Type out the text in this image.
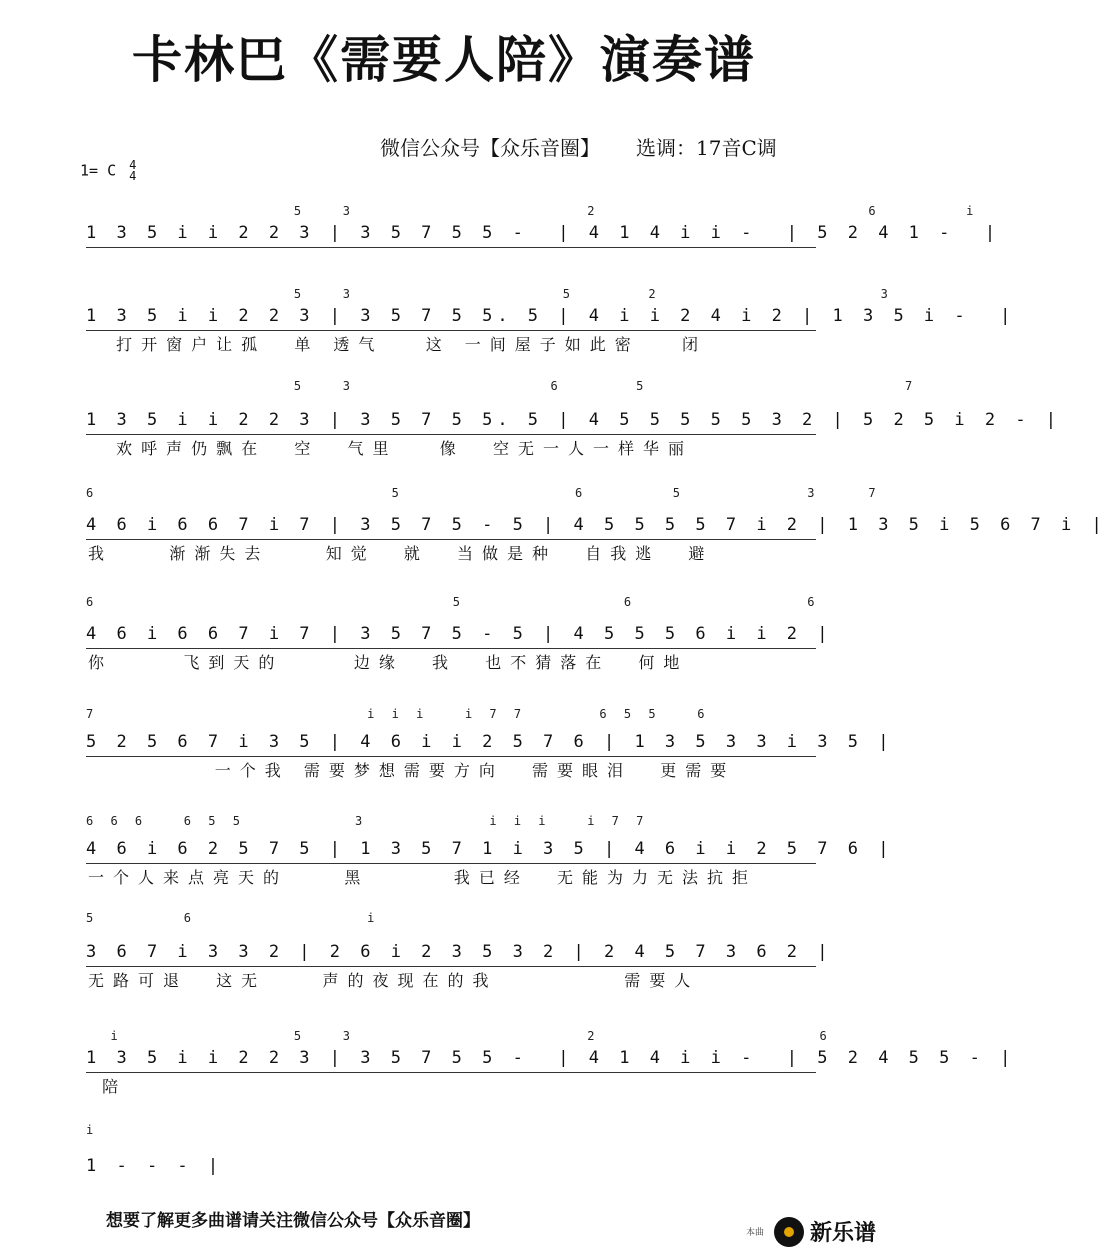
卡林巴《需要人陪》演奏谱
微信公众号【众乐音圈】 选调：17音C调
1= C 4
4
5   3                   2                      6       i
1 3 5 i i 2 2 3 | 3 5 7 5 5 -  | 4 1 4 i i -  | 5 2 4 1 -  |
5   3                 5      2                  3
1 3 5 i i 2 2 3 | 3 5 7 5 5. 5 | 4 i i 2 4 i 2 | 1 3 5 i -  |
打开窗户让孤  单 透气   这 一间屋子如此密   闭
5   3                6      5                     7
1 3 5 i i 2 2 3 | 3 5 7 5 5. 5 | 4 5 5 5 5 5 3 2 | 5 2 5 i 2 - |
欢呼声仍飘在  空  气里   像  空无一人一样华丽
6                        5              6       5          3    7
4 6 i 6 6 7 i 7 | 3 5 7 5 - 5 | 4 5 5 5 5 7 i 2 | 1 3 5 i 5 6 7 i |
我    渐渐失去    知觉  就  当做是种  自我逃  避
6                             5             6              6
4 6 i 6 6 7 i 7 | 3 5 7 5 - 5 | 4 5 5 5 6 i i 2 |
你     飞到天的     边缘  我  也不猜落在  何地
7                      i i i   i 7 7      6 5 5   6
5 2 5 6 7 i 3 5 | 4 6 i i 2 5 7 6 | 1 3 5 3 3 i 3 5 |
一个我 需要梦想需要方向  需要眼泪  更需要
6 6 6   6 5 5         3          i i i   i 7 7
4 6 i 6 2 5 7 5 | 1 3 5 7 1 i 3 5 | 4 6 i i 2 5 7 6 |
一个人来点亮天的    黑      我已经  无能为力无法抗拒
5       6              i
3 6 7 i 3 3 2 | 2 6 i 2 3 5 3 2 | 2 4 5 7 3 6 2 |
无路可退  这无    声的夜现在的我         需要人
i              5   3                   2                  6
1 3 5 i i 2 2 3 | 3 5 7 5 5 -  | 4 1 4 i i -  | 5 2 4 5 5 - |
陪
i
1 - - - |
想要了解更多曲谱请关注微信公众号【众乐音圈】
本曲 新乐谱
